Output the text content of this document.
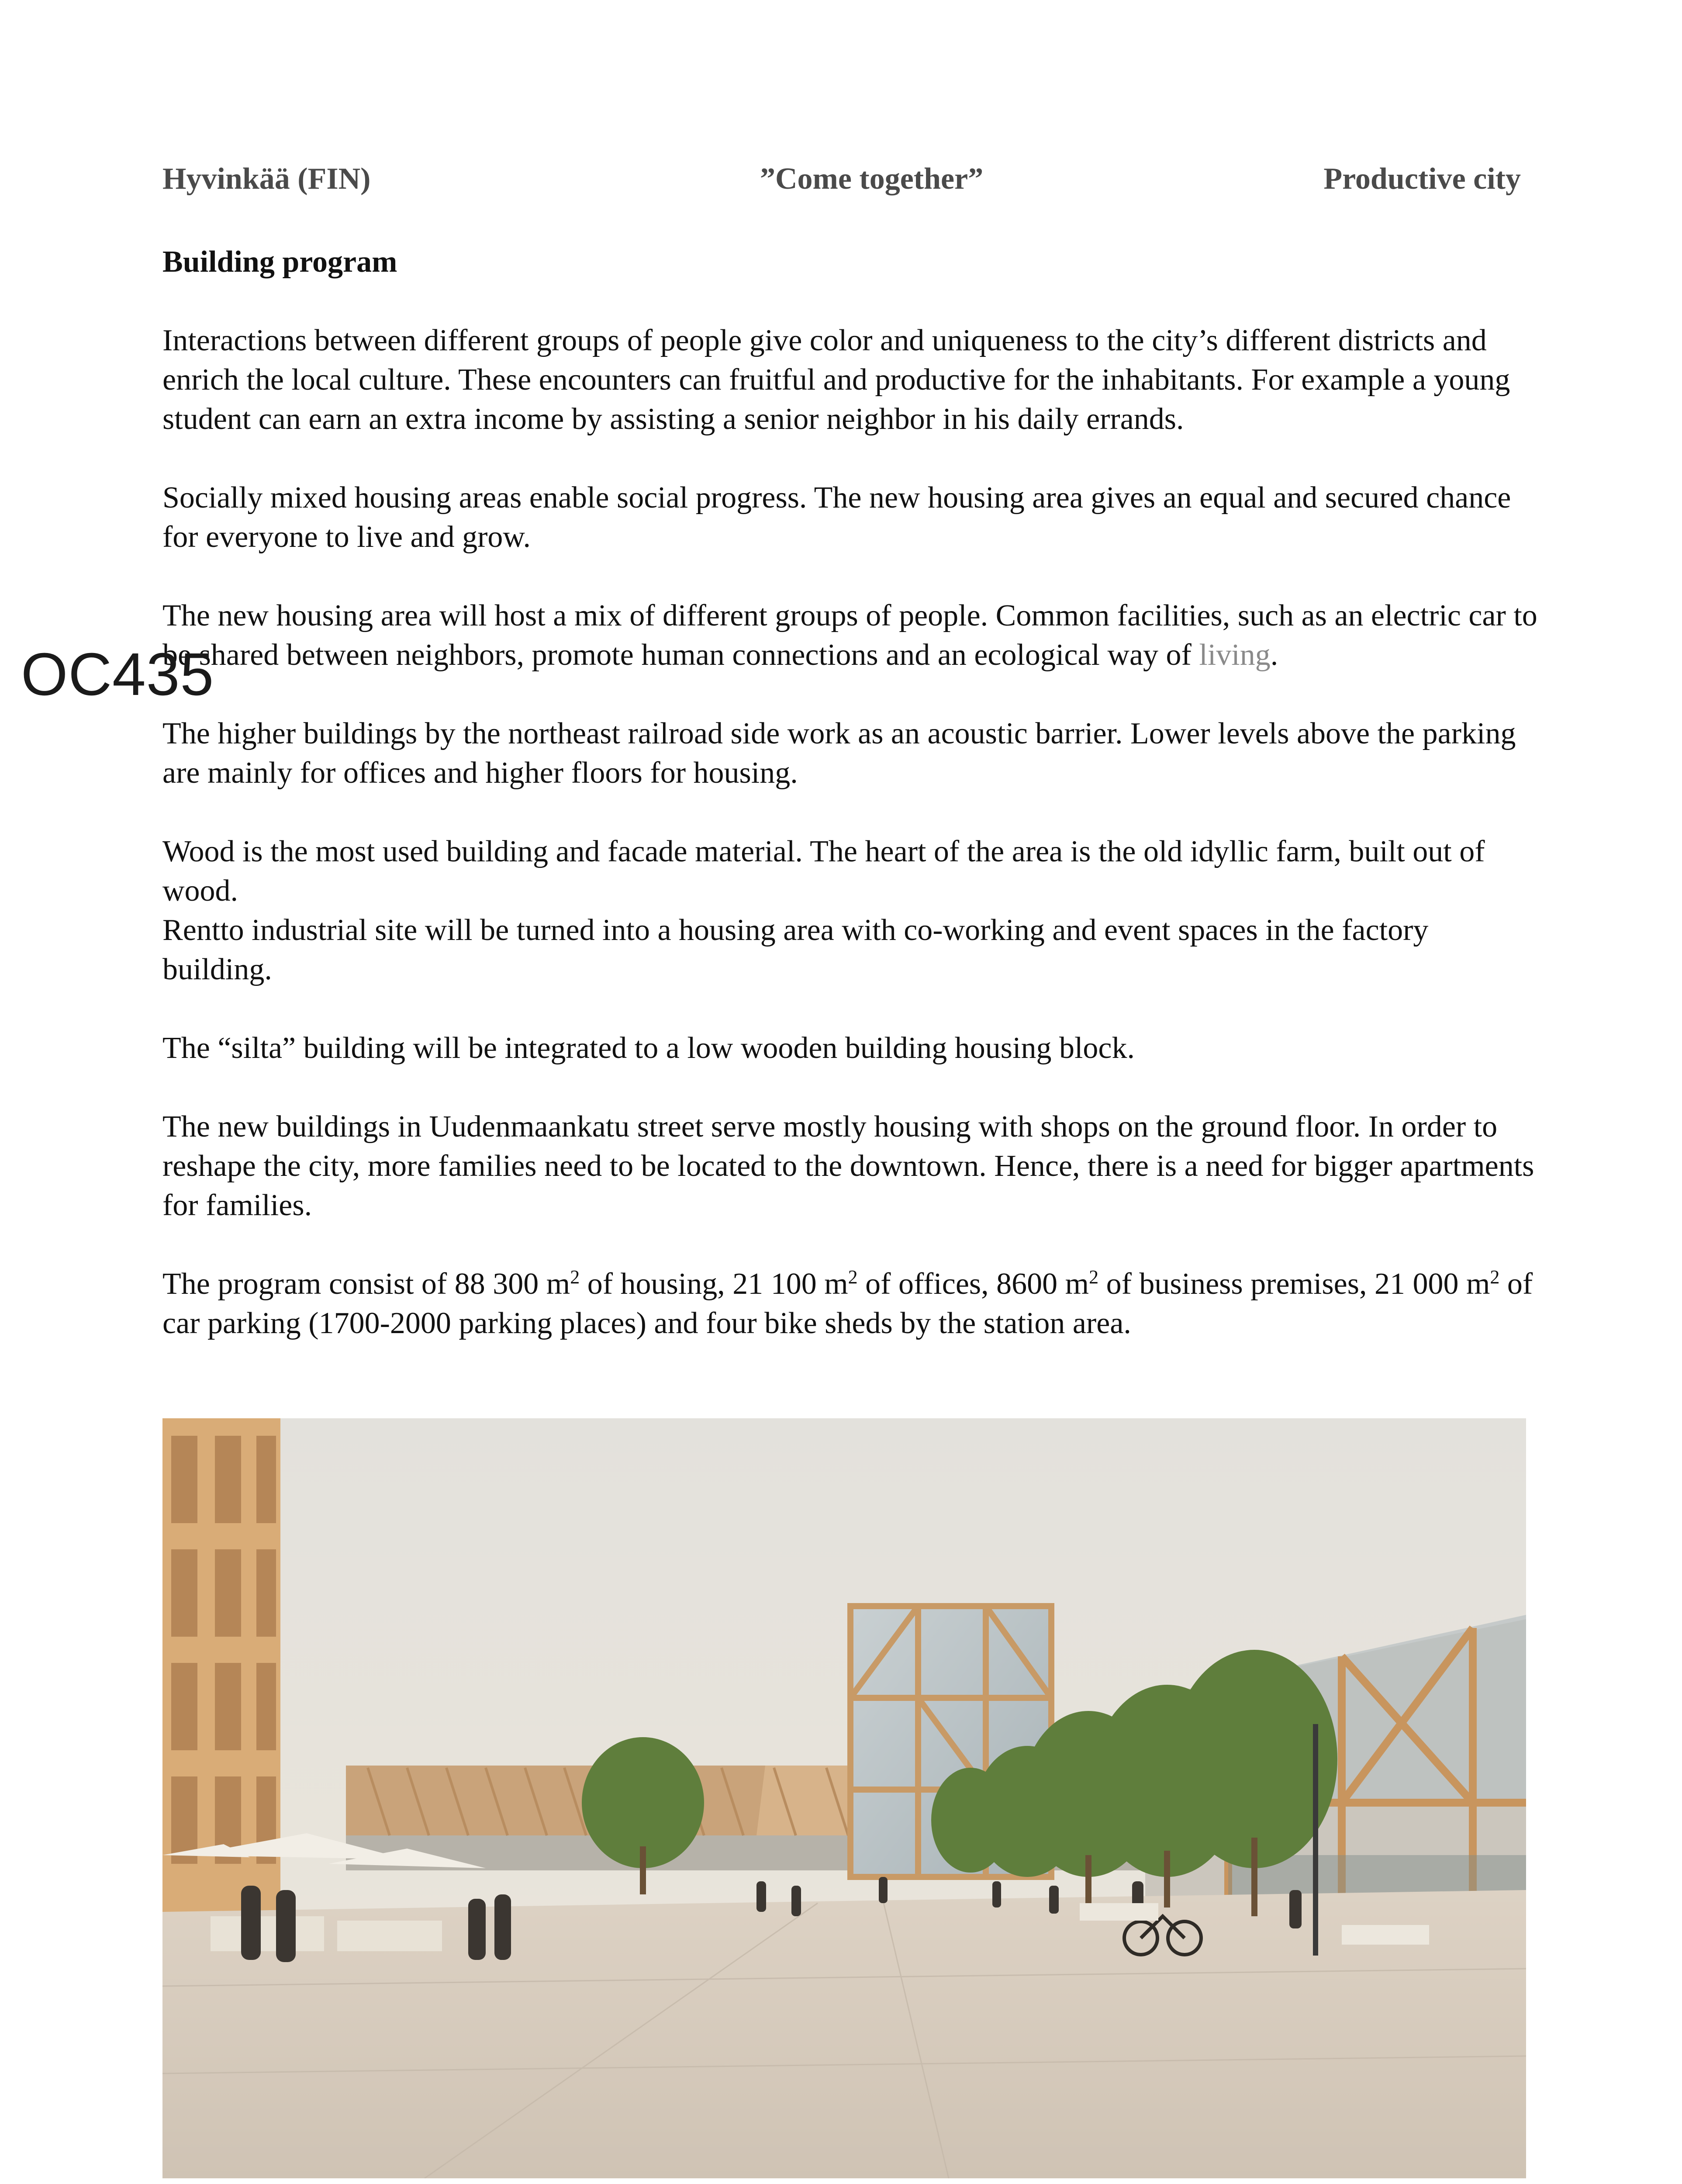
Hyvinkää (FIN)	”Come together”	Productive city

Building program

Interactions between different groups of people give color and uniqueness to the city’s different districts and enrich the local culture. These encounters can fruitful and productive for the inhabitants. For example a young student can earn an extra income by assisting a senior neighbor in his daily errands.

Socially mixed housing areas enable social progress. The new housing area gives an equal and secured chance for everyone to live and grow.

The new housing area will host a mix of different groups of people. Common facilities, such as an electric car to be shared between neighbors, promote human connections and an ecological way of living.

The higher buildings by the northeast railroad side work as an acoustic barrier. Lower levels above the parking are mainly for offices and higher floors for housing.

Wood is the most used building and facade material. The heart of the area is the old idyllic farm, built out of wood.

Rentto industrial site will be turned into a housing area with co-working and event spaces in the factory building.

The “silta” building will be integrated to a low wooden building housing block.

The new buildings in Uudenmaankatu street serve mostly housing with shops on the ground floor. In order to reshape the city, more families need to be located to the downtown. Hence, there is a need for bigger apartments for families.

The program consist of 88 300 $m^2$ of housing, 21 100 $m^2$ of offices, 8600 $m^2$ of business premises, 21 000 $m^2$ of car parking (1700-2000 parking places) and four bike sheds by the station area.

OC435
